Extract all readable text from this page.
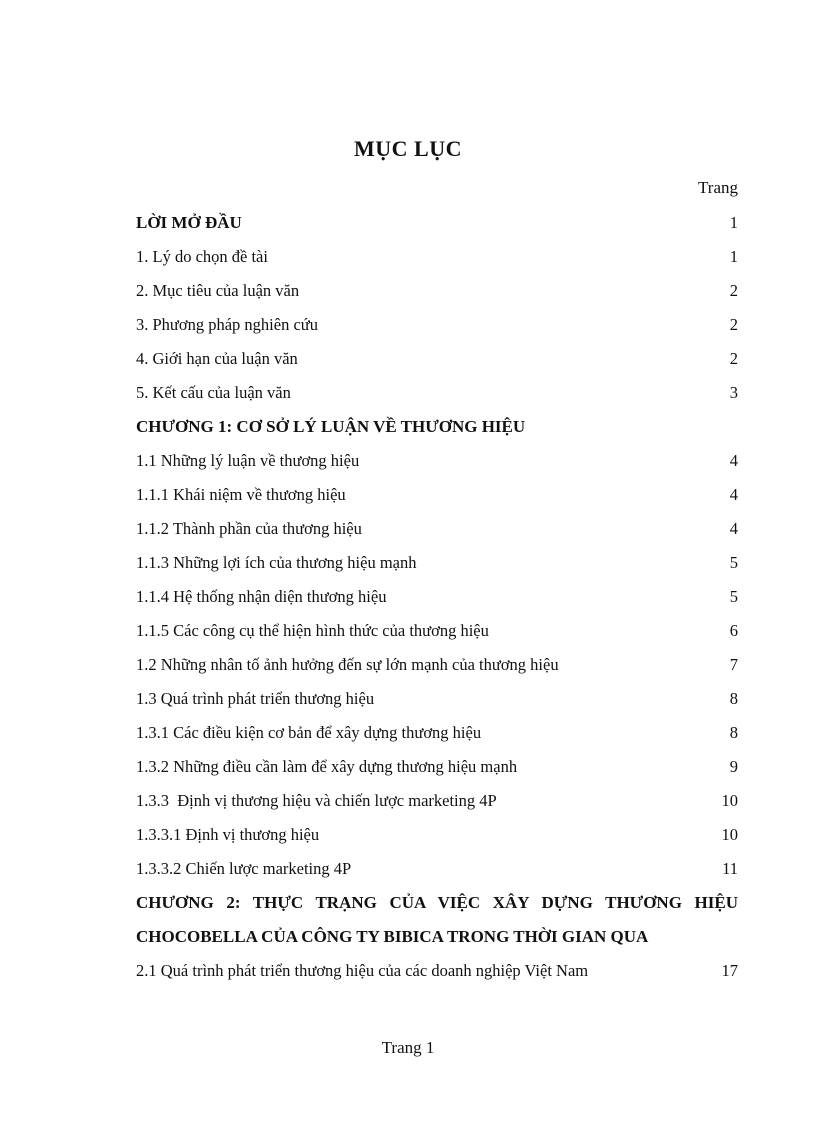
MỤC LỤC
Trang
LỜI MỞ ĐẦU	1
1. Lý do chọn đề tài	1
2. Mục tiêu của luận văn	2
3. Phương pháp nghiên cứu	2
4. Giới hạn của luận văn	2
5. Kết cấu của luận văn	3
CHƯƠNG 1: CƠ SỞ LÝ LUẬN VỀ THƯƠNG HIỆU
1.1 Những lý luận về thương hiệu	4
1.1.1 Khái niệm về thương hiệu	4
1.1.2 Thành phần của thương hiệu	4
1.1.3 Những lợi ích của thương hiệu mạnh	5
1.1.4 Hệ thống nhận diện thương hiệu	5
1.1.5 Các công cụ thể hiện hình thức của thương hiệu	6
1.2 Những nhân tố ảnh hưởng đến sự lớn mạnh của thương hiệu	7
1.3 Quá trình phát triển thương hiệu	8
1.3.1 Các điều kiện cơ bản để xây dựng thương hiệu	8
1.3.2 Những điều cần làm để xây dựng thương hiệu mạnh	9
1.3.3  Định vị thương hiệu và chiến lược marketing 4P	10
1.3.3.1 Định vị thương hiệu	10
1.3.3.2 Chiến lược marketing 4P	11
CHƯƠNG 2: THỰC TRẠNG CỦA VIỆC XÂY DỰNG THƯƠNG HIỆU
CHOCOBELLA CỦA CÔNG TY BIBICA TRONG THỜI GIAN QUA
2.1 Quá trình phát triển thương hiệu của các doanh nghiệp Việt Nam	17
Trang 1
